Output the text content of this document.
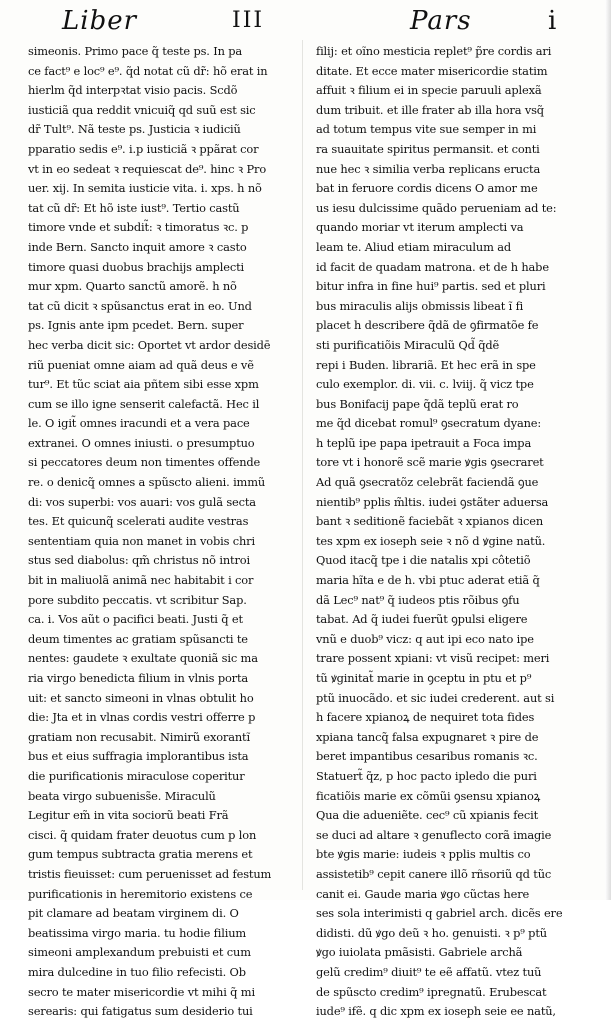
Liber	III	Pars	i
simeonis. Primo pace q̃ teste ps. In pa
ce fact⁹ e loc⁹ e⁹. q̃d notat cũ dr̃: hõ erat in
hierlm q̃d interpꝛtat visio pacis. Scdõ
iusticiã qua reddit vnicuiq̃ qd suũ est sic
dr̃ Tult⁹. Nã teste ps. Justicia ꝛ iudiciũ
pparatio sedis e⁹. i.p iusticiã ꝛ ppãrat cor
vt in eo sedeat ꝛ requiescat de⁹. hinc ꝛ Pro
uer. xij. In semita iusticie vita. i. xps. h nõ
tat cũ dr̃: Et hõ iste iust⁹. Tertio castũ
timore vnde et subdit̃: ꝛ timoratus ꝛc. p
inde Bern. Sancto inquit amore ꝛ casto
timore quasi duobus brachijs amplecti
mur xpm. Quarto sanctũ amorẽ. h nõ
tat cũ dicit ꝛ spũsanctus erat in eo. Und
ps. Ignis ante ipm pcedet. Bern. super
hec verba dicit sic: Oportet vt ardor desidē
riũ pueniat omne aiam ad quã deus e vẽ
tur⁹. Et tũc sciat aia pñtem sibi esse xpm
cum se illo igne senserit calefactã. Hec il
le. O igit̃ omnes iracundi et a vera pace
extranei. O omnes iniusti. o presumptuo
si peccatores deum non timentes offende
re. o denicq̃ omnes a spũscto alieni. immũ
di: vos superbi: vos auari: vos gulã secta
tes. Et quicunq̃ scelerati audite vestras
sententiam quia non manet in vobis chri
stus sed diabolus: qm̃ christus nõ introi
bit in maliuolã animã nec habitabit i cor
pore subdito peccatis. vt scribitur Sap.
ca. i. Vos aũt o pacifici beati. Justi q̃ et
deum timentes ac gratiam spũsancti te
nentes: gaudete ꝛ exultate quoniã sic ma
ria virgo benedicta filium in vlnis porta
uit: et sancto simeoni in vlnas obtulit ho
die: Jta et in vlnas cordis vestri offerre p
gratiam non recusabit. Nimirũ exorantĩ
bus et eius suffragia implorantibus ista
die purificationis miraculose coperitur
beata virgo subueniss̃e. Miraculũ
Legitur em̃ in vita sociorũ beati Frã
cisci. q̃ quidam frater deuotus cum p lon
gum tempus subtracta gratia merens et
tristis fieuisset: cum peruenisset ad festum
purificationis in heremitorio existens ce
pit clamare ad beatam virginem di. O
beatissima virgo maria. tu hodie filium
simeoni amplexandum prebuisti et cum
mira dulcedine in tuo filio refecisti. Ob
secro te mater misericordie vt mihi q̃ mi
serearis: qui fatigatus sum desiderio tui
filij: et oĩno mesticia replet⁹ p̃re cordis ari
ditate. Et ecce mater misericordie statim
affuit ꝛ filium ei in specie paruuli aplexã
dum tribuit. et ille frater ab illa hora vsq̃
ad totum tempus vite sue semper in mi
ra suauitate spiritus permansit. et conti
nue hec ꝛ similia verba replicans eructa
bat in feruore cordis dicens O amor me
us iesu dulcissime quãdo perueniam ad te:
quando moriar vt iterum amplecti va
leam te. Aliud etiam miraculum ad
id facit de quadam matrona. et de h habe
bitur infra in fine hui⁹ partis. sed et pluri
bus miraculis alijs obmissis libeat ĩ fi
placet h describere q̃dã de ꝯfirmatõe fe
sti purificatiõis Miraculũ Qd̃ q̃dẽ
repi i Buden. librariã. Et hec erã in spe
culo exemplor. di. vii. c. lviij. q̃ vicz tpe
bus Bonifacij pape q̃dã teplũ erat ro
me q̃d dicebat romul⁹ ꝯsecratum dyane:
h teplũ ipe papa ipetrauit a Foca impa
tore vt i honorẽ scẽ marie ꝟgis ꝯsecraret
Ad quã ꝯsecratõz celebrãt faciendã ꝯue
nientib⁹ pplis m̃ltis. iudei ꝯstãter aduersa
bant ꝛ seditionẽ faciebãt ꝛ xpianos dicen
tes xpm ex ioseph seie ꝛ nõ d ꝟgine natũ.
Quod itacq̃ tpe i die natalis xpi côtetiõ
maria hĩta e de h. vbi ptuc aderat etiã q̃
dã Lec⁹ nat⁹ q̃ iudeos ptis rõibus ꝯfu
tabat. Ad q̃ iudei fuerũt ꝯpulsi eligere
vnũ e duob⁹ vicz: q aut ipi eco nato ipe
trare possent xpiani: vt visũ recipet: meri
tũ ꝟginitat̃ marie in ꝯceptu in ptu et p⁹
ptũ inuocãdo. et sic iudei crederent. aut si
h facere xpianoꝝ de nequiret tota fides
xpiana tancq̃ falsa expugnaret ꝛ pire de
beret impantibus cesaribus romanis ꝛc.
Statuert̃ q̃z, p hoc pacto ipledo die puri
ficatiõis marie ex cõmũi ꝯsensu xpianoꝝ
Qua die adueniẽte. cec⁹ cũ xpianis fecit
se duci ad altare ꝛ genuflecto corã imagie
bte ꝟgis marie: iudeis ꝛ pplis multis co
assistetib⁹ cepit canere illõ rñsoriũ qd tũc
canit ei. Gaude maria ꝟgo cũctas here
ses sola interimisti q gabriel arch. dicẽs ere
didisti. dũ ꝟgo deũ ꝛ ho. genuisti. ꝛ p⁹ ptũ
ꝟgo iuiolata pmãsisti. Gabriele archã
gelũ credim⁹ diuit⁹ te eẽ affatũ. vtez tuũ
de spũscto credim⁹ ipregnatũ. Erubescat
iude⁹ ifẽ. q dic xpm ex ioseph seie ee natũ,
